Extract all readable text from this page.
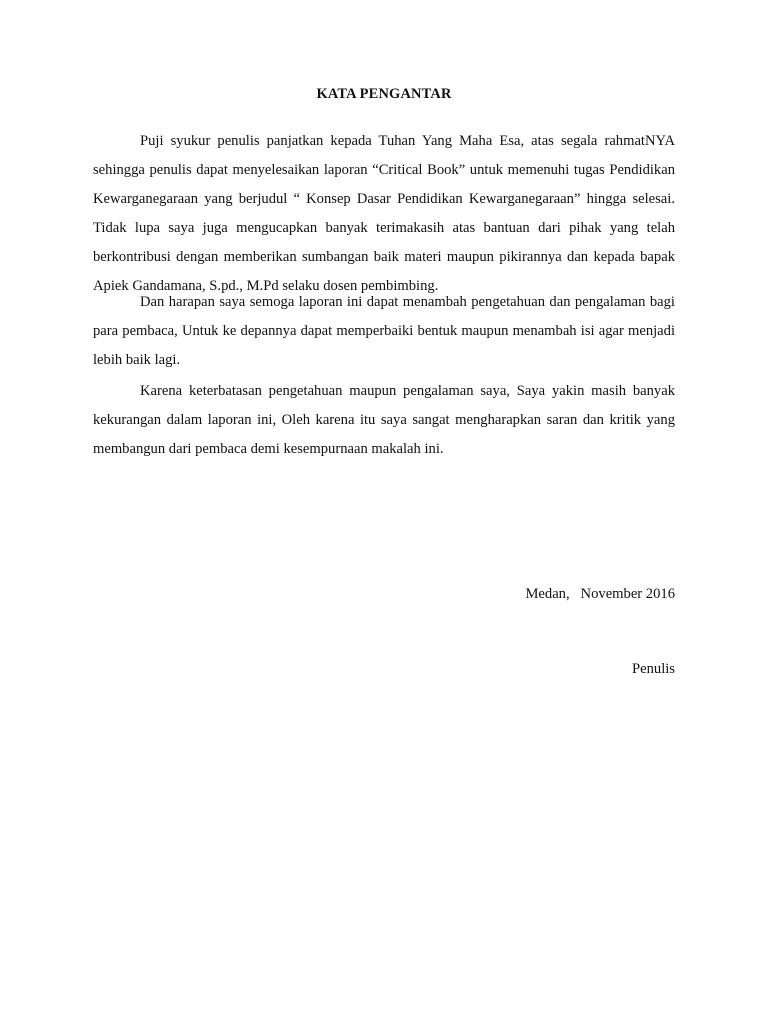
KATA PENGANTAR

Puji syukur penulis panjatkan kepada Tuhan Yang Maha Esa, atas segala rahmatNYA sehingga penulis dapat menyelesaikan laporan “Critical Book” untuk memenuhi tugas Pendidikan Kewarganegaraan yang berjudul “ Konsep Dasar Pendidikan Kewarganegaraan” hingga selesai. Tidak lupa saya juga mengucapkan banyak terimakasih atas bantuan dari pihak yang telah berkontribusi dengan memberikan sumbangan baik materi maupun pikirannya dan kepada bapak Apiek Gandamana, S.pd., M.Pd selaku dosen pembimbing.

Dan harapan saya semoga laporan ini dapat menambah pengetahuan dan pengalaman bagi para pembaca, Untuk ke depannya dapat memperbaiki bentuk maupun menambah isi agar menjadi lebih baik lagi.

Karena keterbatasan pengetahuan maupun pengalaman saya, Saya yakin masih banyak kekurangan dalam laporan ini, Oleh karena itu saya sangat mengharapkan saran dan kritik yang membangun dari pembaca demi kesempurnaan makalah ini.

Medan,   November 2016
Penulis
